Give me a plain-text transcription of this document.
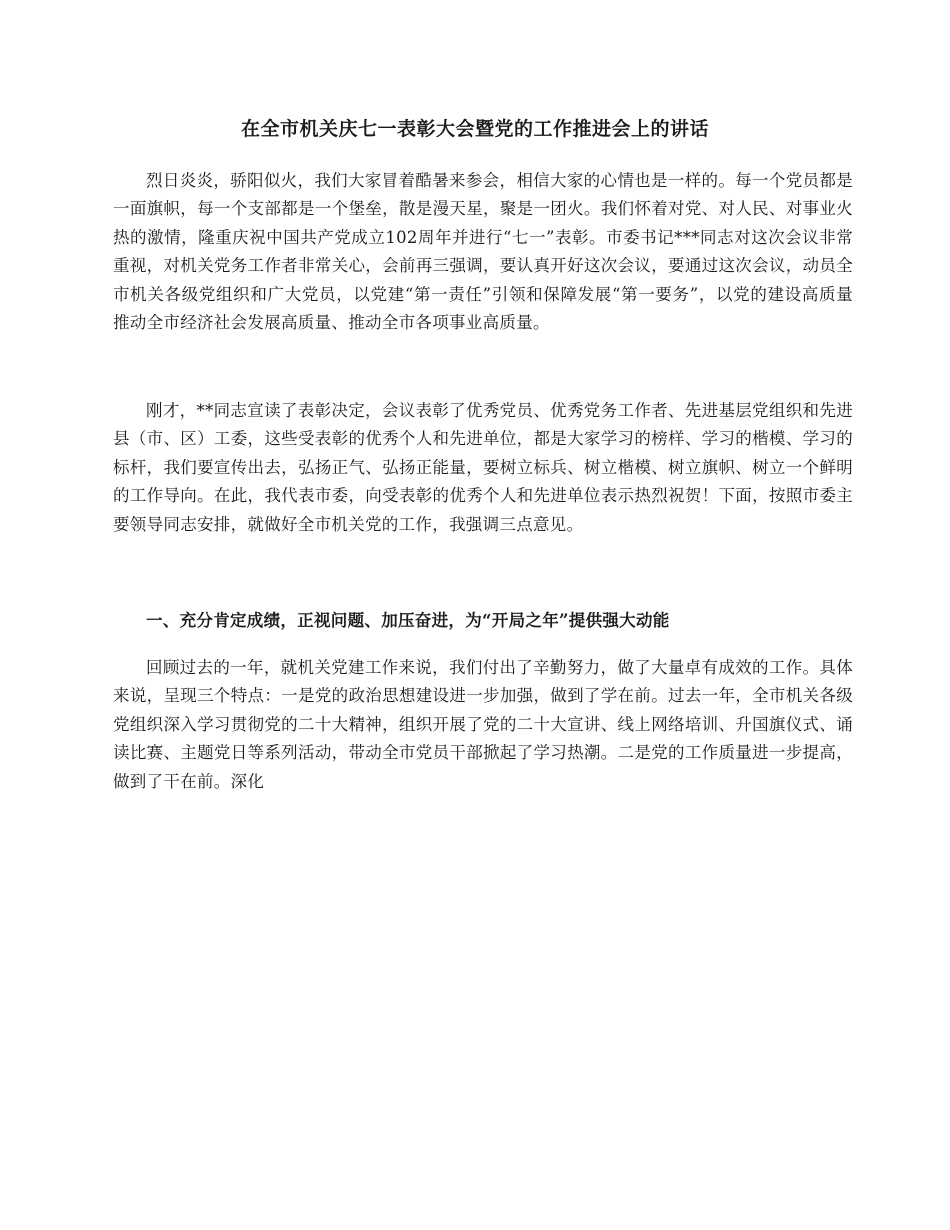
在全市机关庆七一表彰大会暨党的工作推进会上的讲话

烈日炎炎，骄阳似火，我们大家冒着酷暑来参会，相信大家的心情也是一样的。每一个党员都是一面旗帜，每一个支部都是一个堡垒，散是漫天星，聚是一团火。我们怀着对党、对人民、对事业火热的激情，隆重庆祝中国共产党成立102周年并进行“七一”表彰。市委书记***同志对这次会议非常重视，对机关党务工作者非常关心，会前再三强调，要认真开好这次会议，要通过这次会议，动员全市机关各级党组织和广大党员，以党建“第一责任”引领和保障发展“第一要务”，以党的建设高质量推动全市经济社会发展高质量、推动全市各项事业高质量。

刚才，**同志宣读了表彰决定，会议表彰了优秀党员、优秀党务工作者、先进基层党组织和先进县（市、区）工委，这些受表彰的优秀个人和先进单位，都是大家学习的榜样、学习的楷模、学习的标杆，我们要宣传出去，弘扬正气、弘扬正能量，要树立标兵、树立楷模、树立旗帜、树立一个鲜明的工作导向。在此，我代表市委，向受表彰的优秀个人和先进单位表示热烈祝贺！下面，按照市委主要领导同志安排，就做好全市机关党的工作，我强调三点意见。

一、充分肯定成绩，正视问题、加压奋进，为“开局之年”提供强大动能

回顾过去的一年，就机关党建工作来说，我们付出了辛勤努力，做了大量卓有成效的工作。具体来说，呈现三个特点：一是党的政治思想建设进一步加强，做到了学在前。过去一年，全市机关各级党组织深入学习贯彻党的二十大精神，组织开展了党的二十大宣讲、线上网络培训、升国旗仪式、诵读比赛、主题党日等系列活动，带动全市党员干部掀起了学习热潮。二是党的工作质量进一步提高，做到了干在前。深化
